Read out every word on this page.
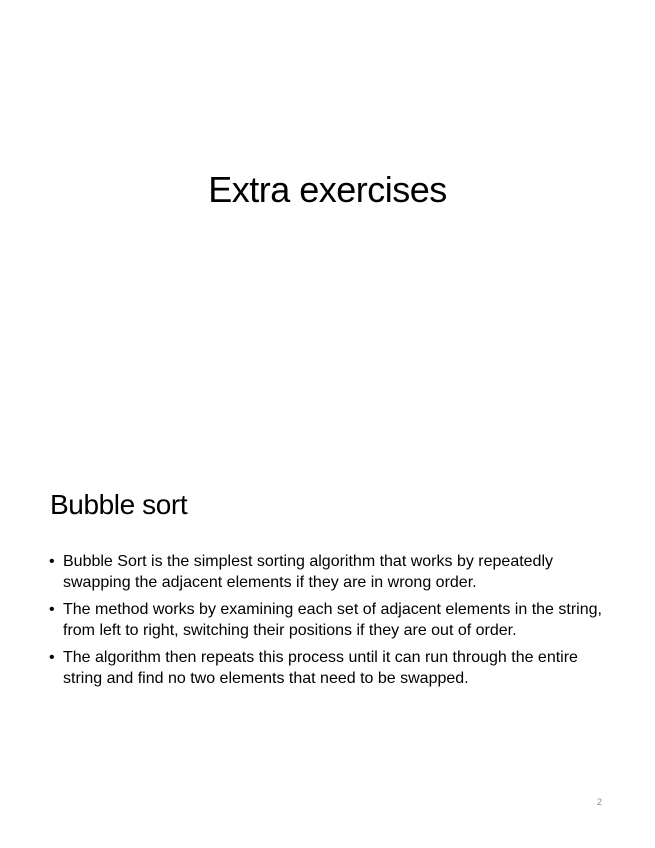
Extra exercises
Bubble sort
• Bubble Sort is the simplest sorting algorithm that works by repeatedly swapping the adjacent elements if they are in wrong order.
• The method works by examining each set of adjacent elements in the string, from left to right, switching their positions if they are out of order.
• The algorithm then repeats this process until it can run through the entire string and find no two elements that need to be swapped.
2
